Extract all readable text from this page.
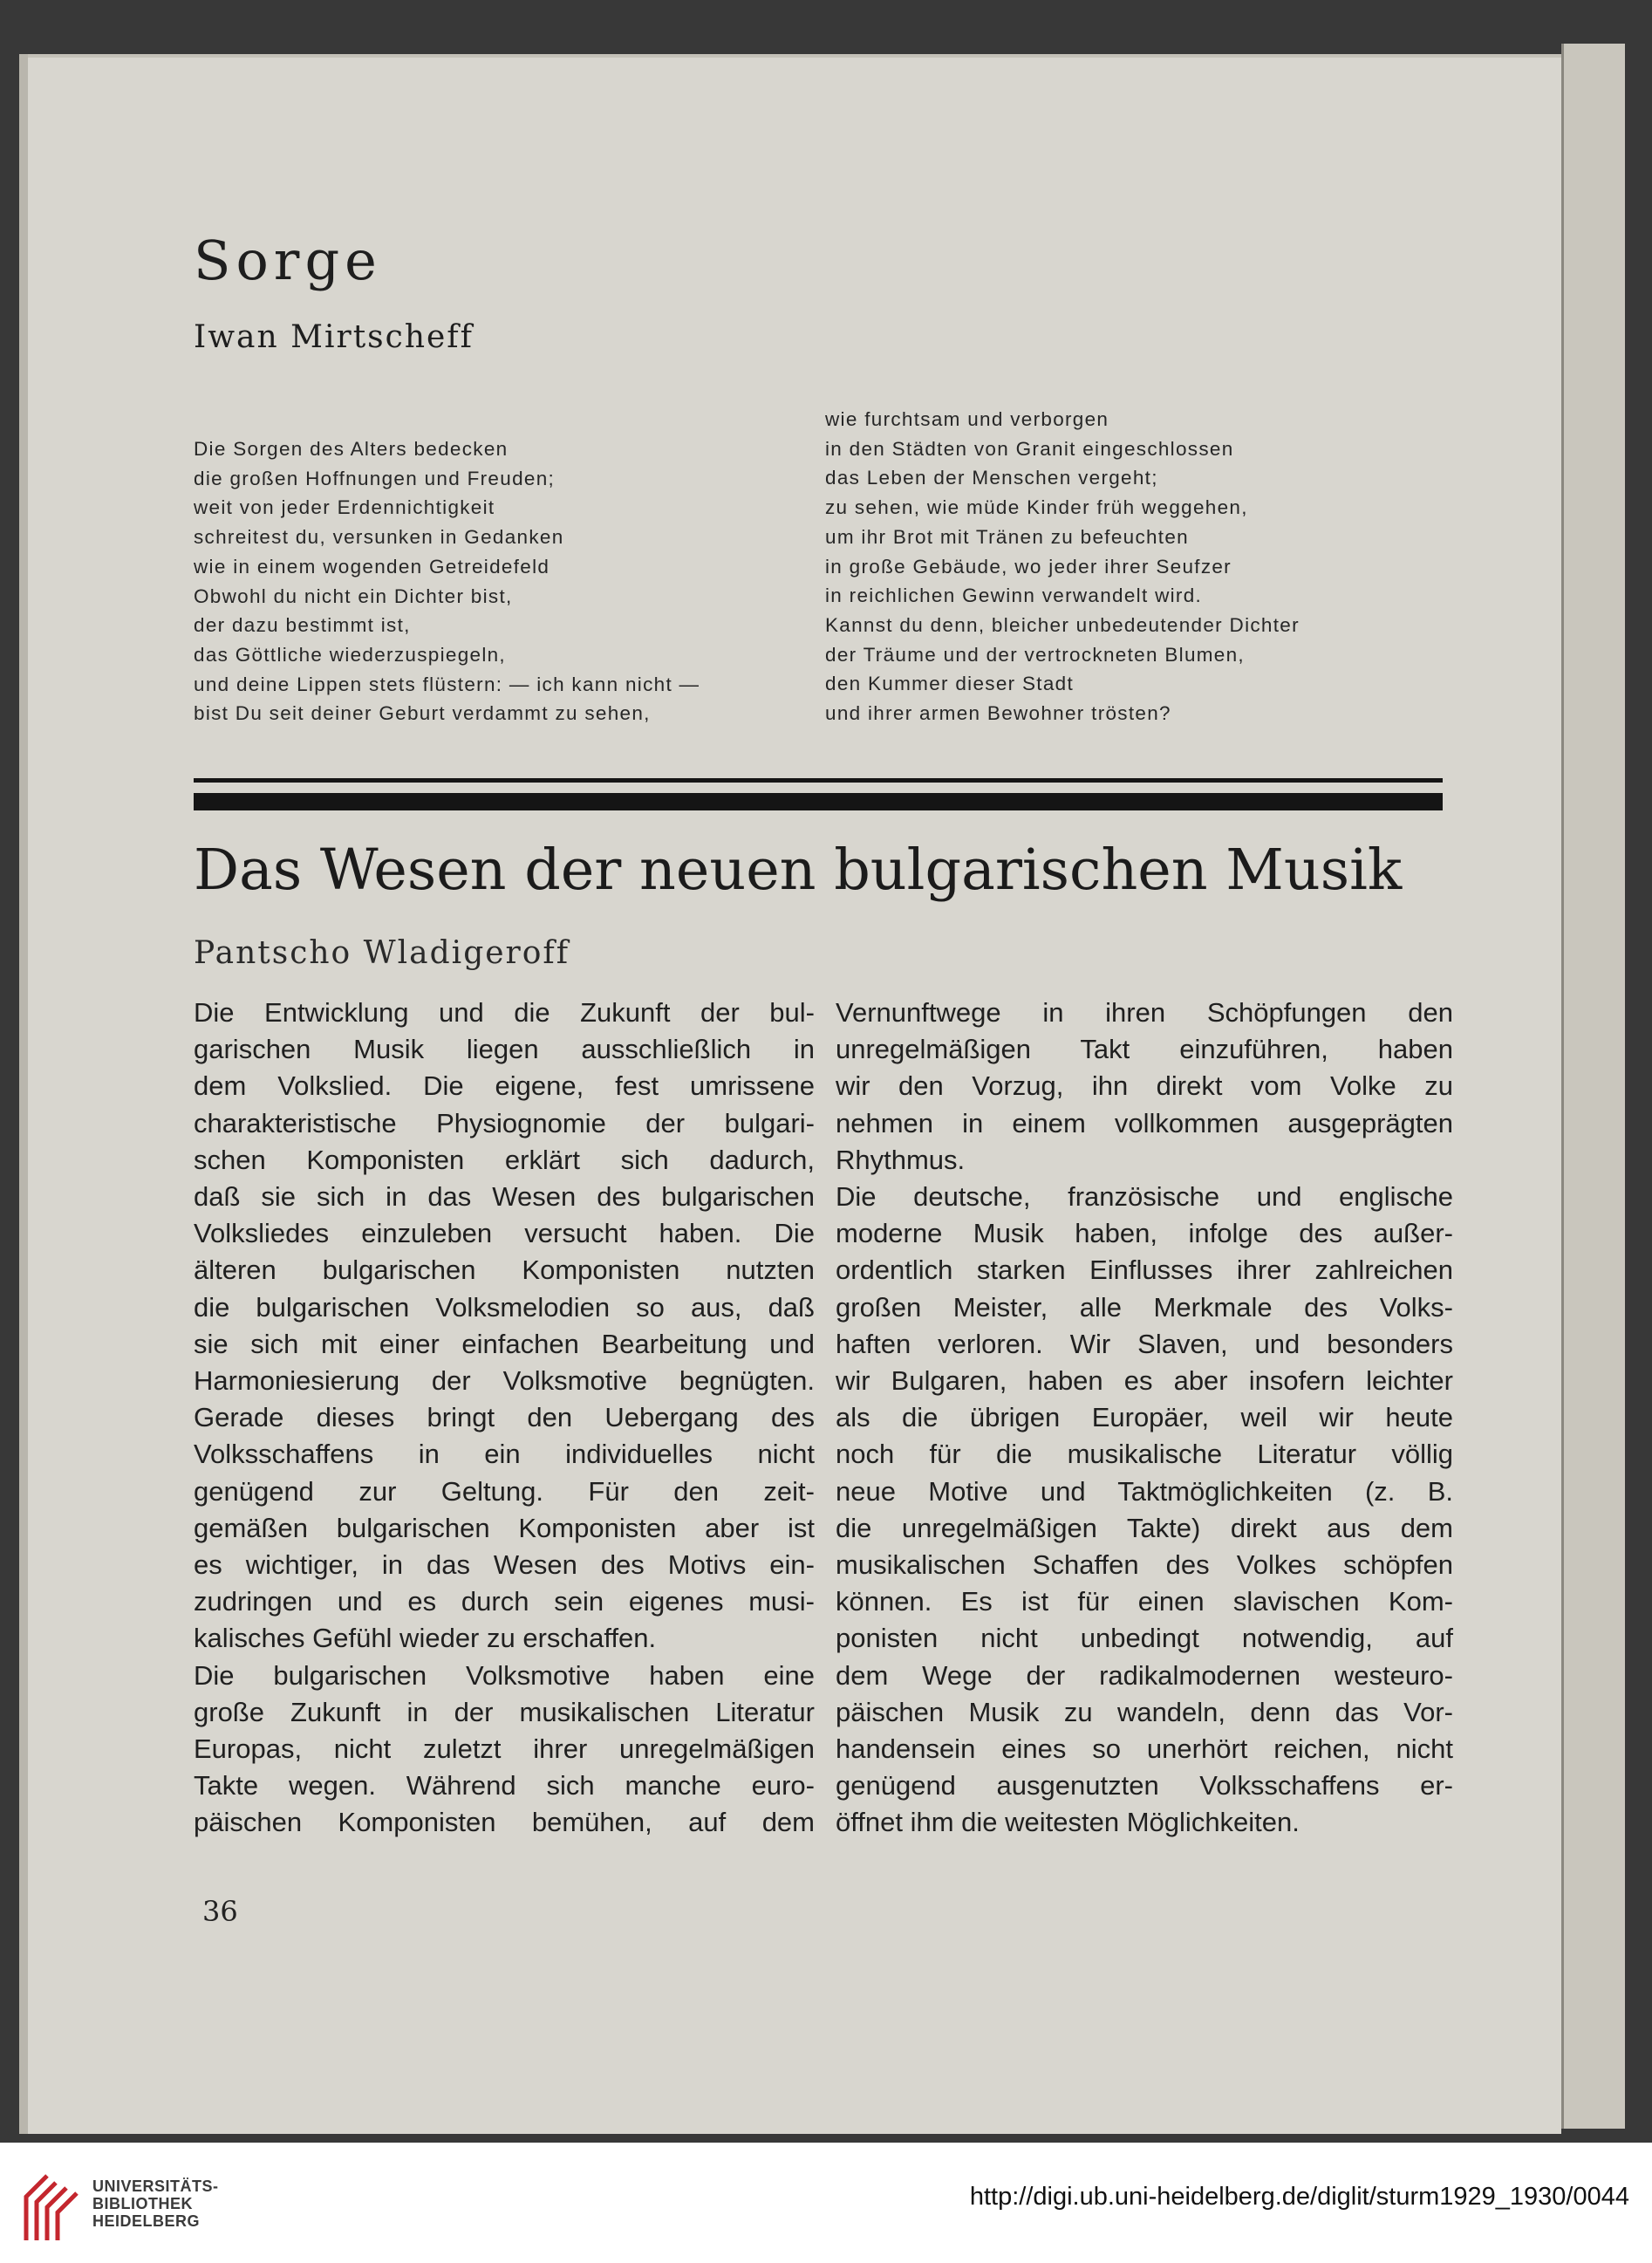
Sorge
Iwan Mirtscheff
Die Sorgen des Alters bedecken
die großen Hoffnungen und Freuden;
weit von jeder Erdennichtigkeit
schreitest du, versunken in Gedanken
wie in einem wogenden Getreidefeld
Obwohl du nicht ein Dichter bist,
der dazu bestimmt ist,
das Göttliche wiederzuspiegeln,
und deine Lippen stets flüstern: — ich kann nicht —
bist Du seit deiner Geburt verdammt zu sehen,
wie furchtsam und verborgen
in den Städten von Granit eingeschlossen
das Leben der Menschen vergeht;
zu sehen, wie müde Kinder früh weggehen,
um ihr Brot mit Tränen zu befeuchten
in große Gebäude, wo jeder ihrer Seufzer
in reichlichen Gewinn verwandelt wird.
Kannst du denn, bleicher unbedeutender Dichter
der Träume und der vertrockneten Blumen,
den Kummer dieser Stadt
und ihrer armen Bewohner trösten?
Das Wesen der neuen bulgarischen Musik
Pantscho Wladigeroff
Die Entwicklung und die Zukunft der bul-
garischen Musik liegen ausschließlich in
dem Volkslied. Die eigene, fest umrissene
charakteristische Physiognomie der bulgari-
schen Komponisten erklärt sich dadurch,
daß sie sich in das Wesen des bulgarischen
Volksliedes einzuleben versucht haben. Die
älteren bulgarischen Komponisten nutzten
die bulgarischen Volksmelodien so aus, daß
sie sich mit einer einfachen Bearbeitung und
Harmoniesierung der Volksmotive begnügten.
Gerade dieses bringt den Uebergang des
Volksschaffens in ein individuelles nicht
genügend zur Geltung. Für den zeit-
gemäßen bulgarischen Komponisten aber ist
es wichtiger, in das Wesen des Motivs ein-
zudringen und es durch sein eigenes musi-
kalisches Gefühl wieder zu erschaffen.
Die bulgarischen Volksmotive haben eine
große Zukunft in der musikalischen Literatur
Europas, nicht zuletzt ihrer unregelmäßigen
Takte wegen. Während sich manche euro-
päischen Komponisten bemühen, auf dem
Vernunftwege in ihren Schöpfungen den
unregelmäßigen Takt einzuführen, haben
wir den Vorzug, ihn direkt vom Volke zu
nehmen in einem vollkommen ausgeprägten
Rhythmus.
Die deutsche, französische und englische
moderne Musik haben, infolge des außer-
ordentlich starken Einflusses ihrer zahlreichen
großen Meister, alle Merkmale des Volks-
haften verloren. Wir Slaven, und besonders
wir Bulgaren, haben es aber insofern leichter
als die übrigen Europäer, weil wir heute
noch für die musikalische Literatur völlig
neue Motive und Taktmöglichkeiten (z. B.
die unregelmäßigen Takte) direkt aus dem
musikalischen Schaffen des Volkes schöpfen
können. Es ist für einen slavischen Kom-
ponisten nicht unbedingt notwendig, auf
dem Wege der radikalmodernen westeuro-
päischen Musik zu wandeln, denn das Vor-
handensein eines so unerhört reichen, nicht
genügend ausgenutzten Volksschaffens er-
öffnet ihm die weitesten Möglichkeiten.

36

UNIVERSITÄTS-
BIBLIOTHEK
HEIDELBERG
http://digi.ub.uni-heidelberg.de/diglit/sturm1929_1930/0044
